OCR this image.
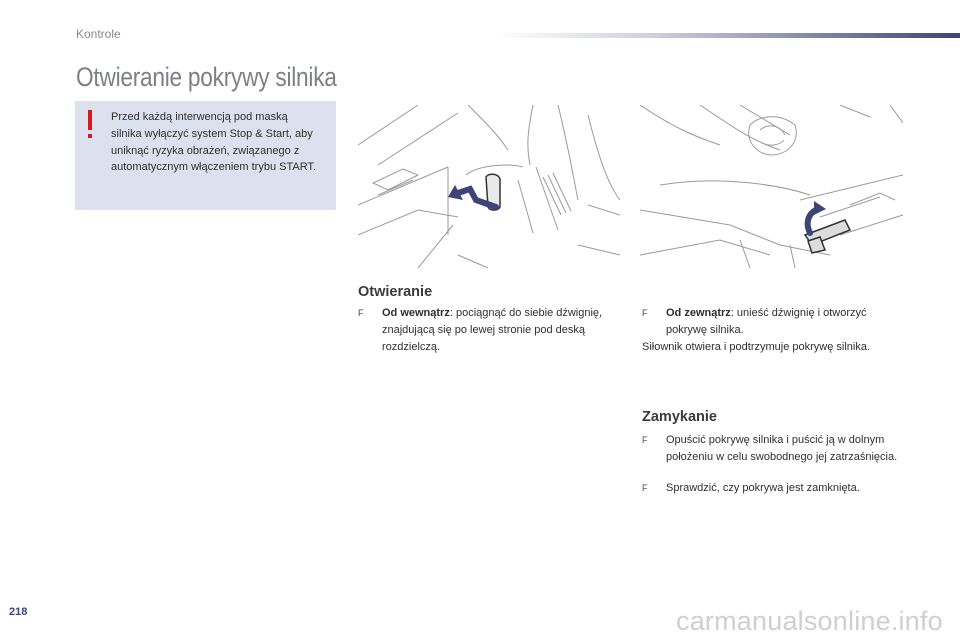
Kontrole
Otwieranie pokrywy silnika
Przed każdą interwencją pod maską silnika wyłączyć system Stop & Start, aby uniknąć ryzyka obrażeń, związanego z automatycznym włączeniem trybu START.
Otwieranie
F	Od wewnątrz: pociągnąć do siebie dźwignię, znajdującą się po lewej stronie pod deską rozdzielczą.
F	Od zewnątrz: unieść dźwignię i otworzyć pokrywę silnika.
Siłownik otwiera i podtrzymuje pokrywę silnika.
Zamykanie
F	Opuścić pokrywę silnika i puścić ją w dolnym położeniu w celu swobodnego jej zatrzaśnięcia.
F	Sprawdzić, czy pokrywa jest zamknięta.
218	carmanualsonline.info
